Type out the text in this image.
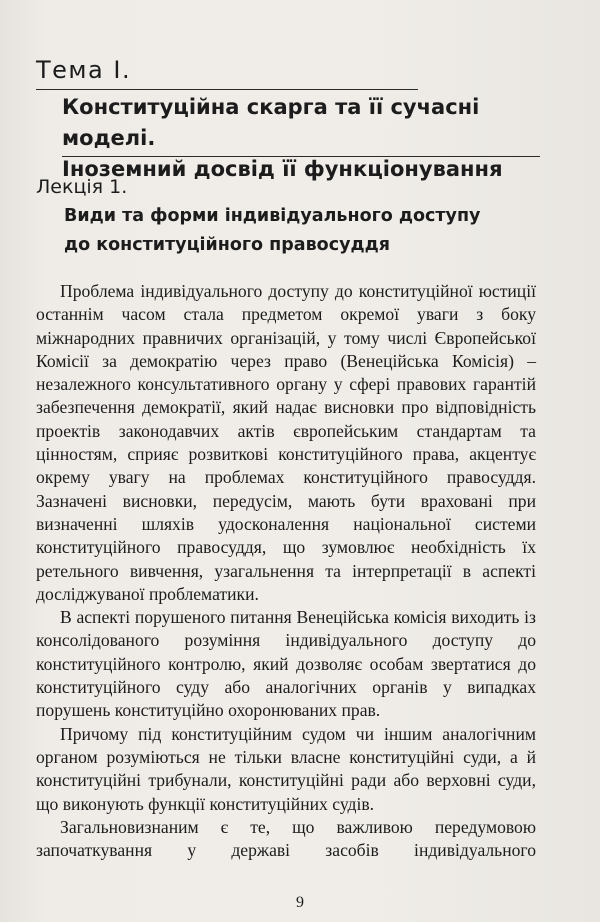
Тема І.
Конституційна скарга та її сучасні моделі.
Іноземний досвід її функціонування
Лекція 1.
Види та форми індивідуального доступу
до конституційного правосуддя

Проблема індивідуального доступу до конституційної юстиції останнім часом стала предметом окремої уваги з боку міжнародних правничих організацій, у тому числі Європейської Комісії за демократію через право (Венеційська Комісія) – незалежного консультативного органу у сфері правових гарантій забезпечення демократії, який надає висновки про відповідність проектів законодавчих актів європейським стандартам та цінностям, сприяє розвиткові конституційного права, акцентує окрему увагу на проблемах конституційного правосуддя. Зазначені висновки, передусім, мають бути враховані при визначенні шляхів удосконалення національної системи конституційного правосуддя, що зумовлює необхідність їх ретельного вивчення, узагальнення та інтерпретації в аспекті досліджуваної проблематики.

В аспекті порушеного питання Венеційська комісія виходить із консолідованого розуміння індивідуального доступу до конституційного контролю, який дозволяє особам звертатися до конституційного суду або аналогічних органів у випадках порушень конституційно охоронюваних прав.

Причому під конституційним судом чи іншим аналогічним органом розуміються не тільки власне конституційні суди, а й конституційні трибунали, конституційні ради або верховні суди, що виконують функції конституційних судів.

Загальновизнаним є те, що важливою передумовою започаткування у державі засобів індивідуального

9
